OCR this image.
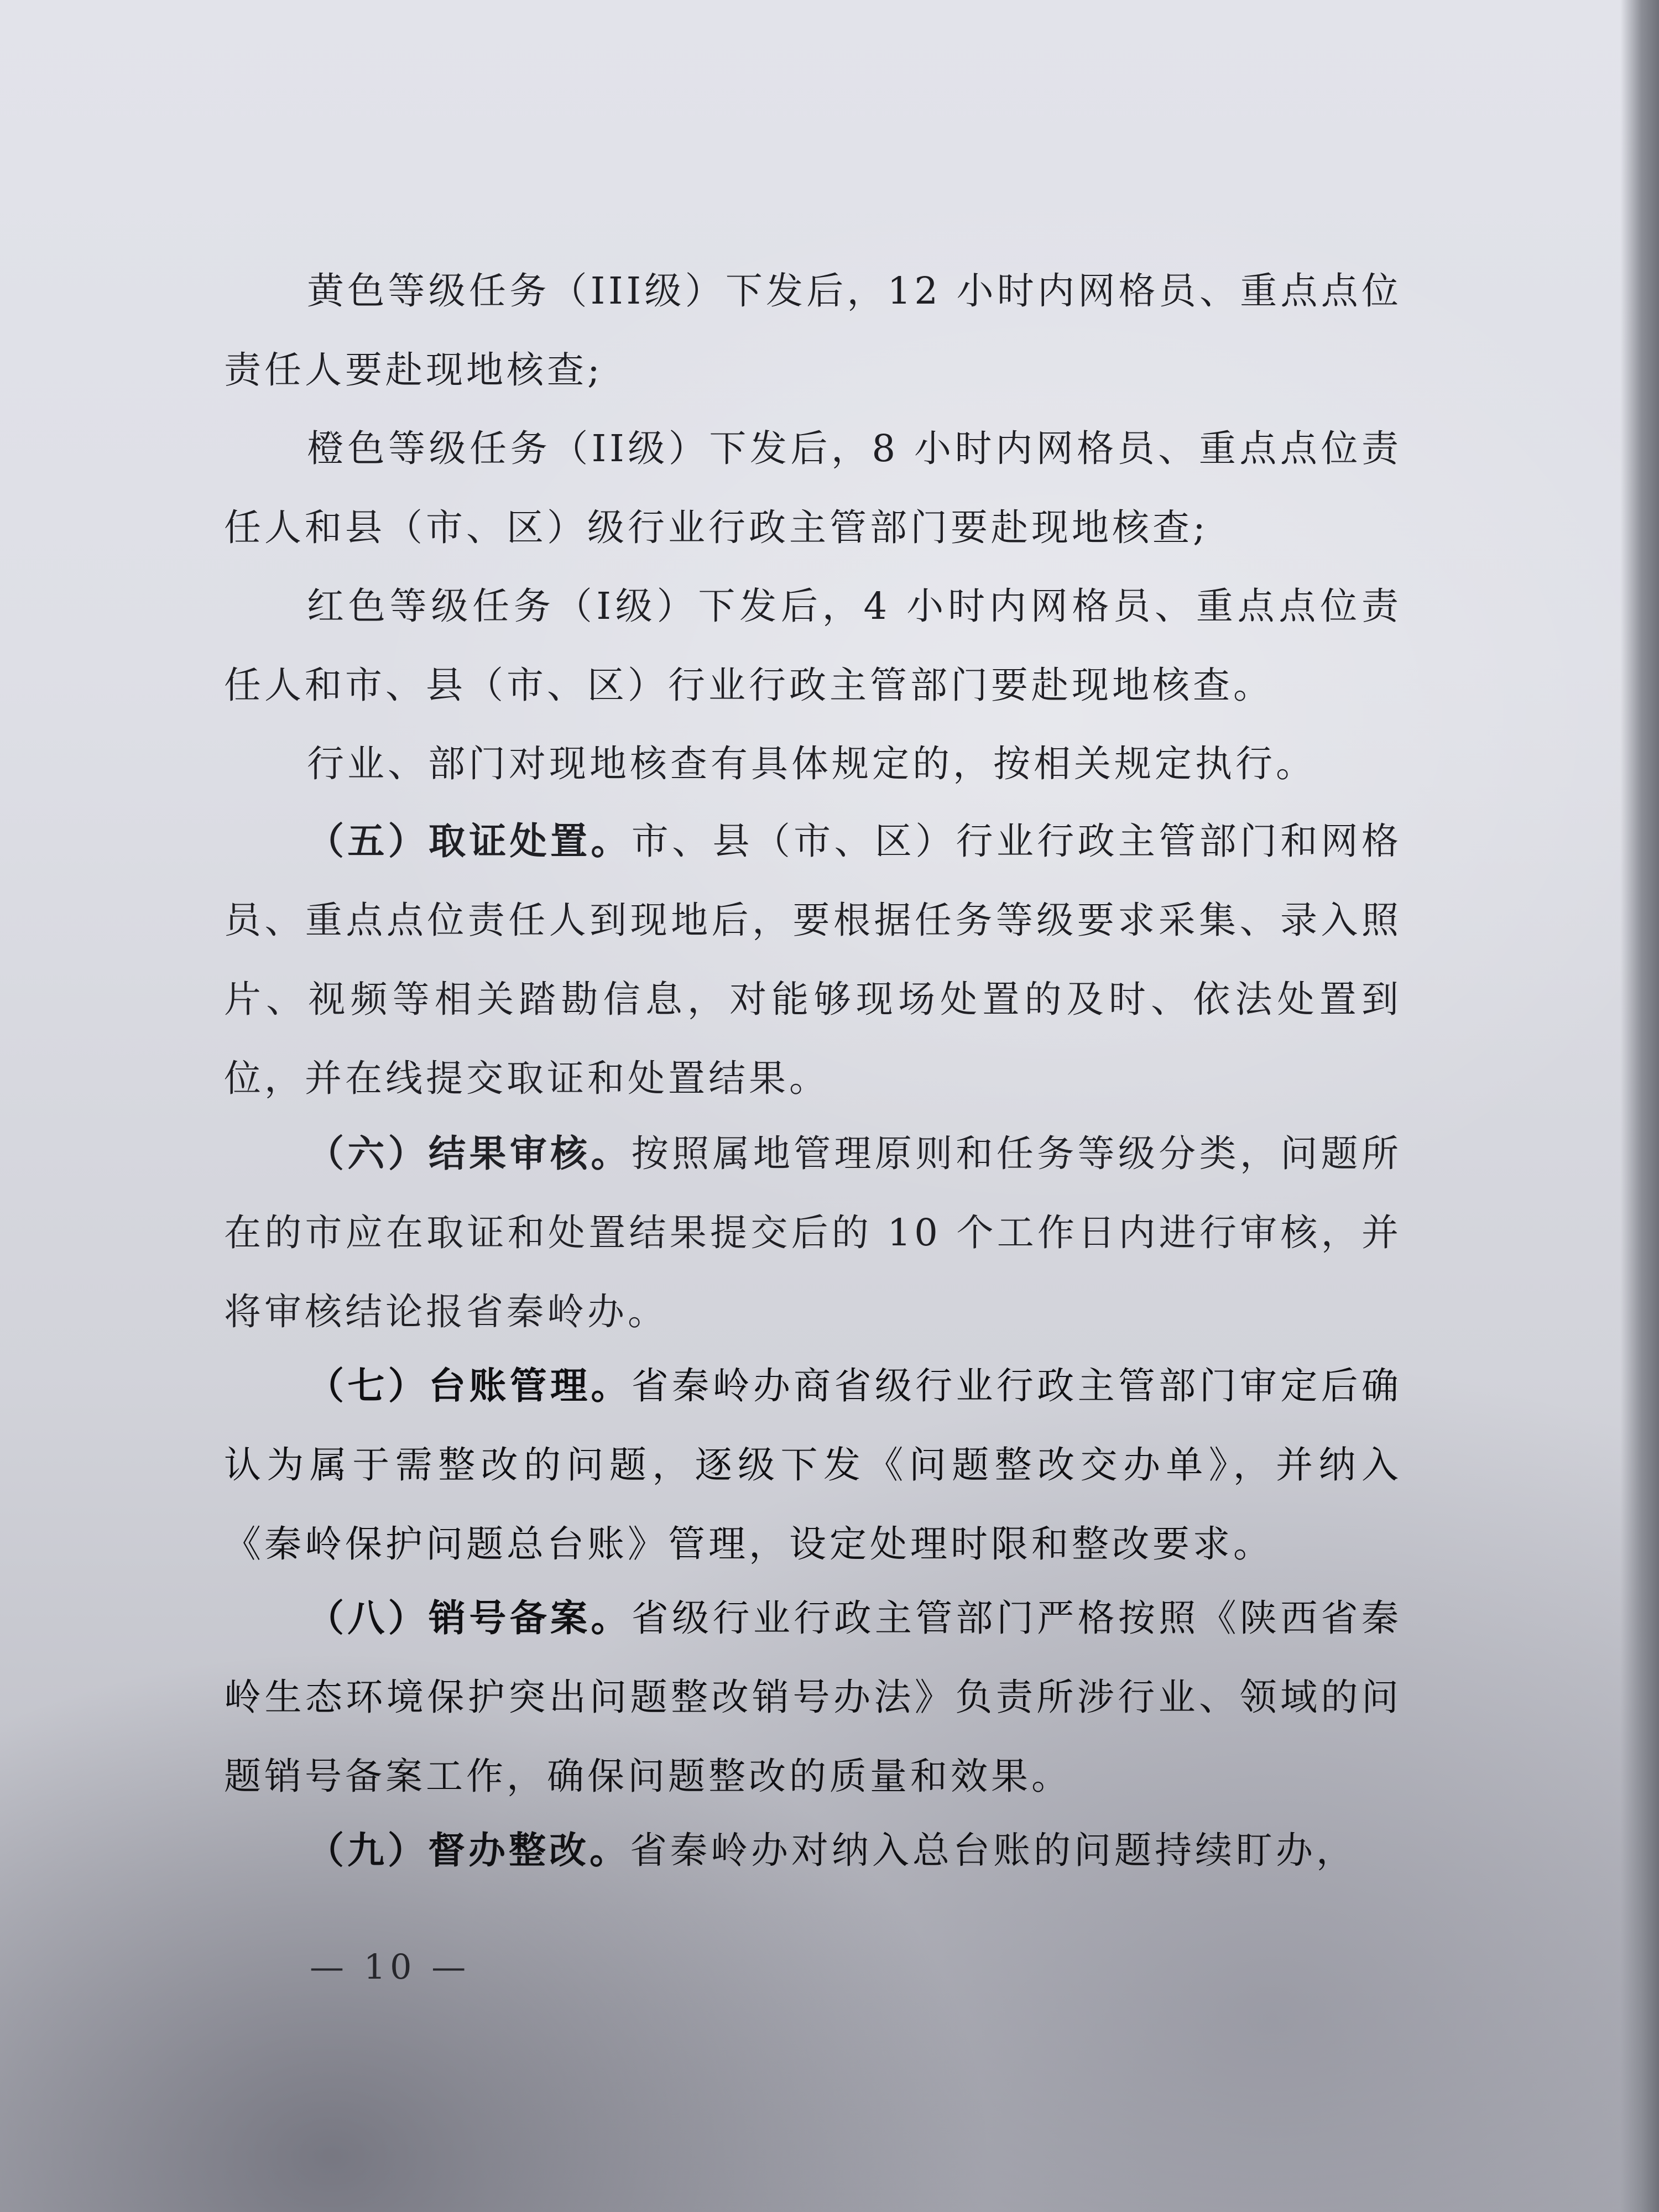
黄色等级任务（III级）下发后，12 小时内网格员、重点点位责任人要赴现地核查;

橙色等级任务（II级）下发后，8 小时内网格员、重点点位责任人和县（市、区）级行业行政主管部门要赴现地核查;

红色等级任务（I级）下发后，4 小时内网格员、重点点位责任人和市、县（市、区）行业行政主管部门要赴现地核查。

行业、部门对现地核查有具体规定的，按相关规定执行。

（五）取证处置。市、县（市、区）行业行政主管部门和网格员、重点点位责任人到现地后，要根据任务等级要求采集、录入照片、视频等相关踏勘信息，对能够现场处置的及时、依法处置到位，并在线提交取证和处置结果。

（六）结果审核。按照属地管理原则和任务等级分类，问题所在的市应在取证和处置结果提交后的 10 个工作日内进行审核，并将审核结论报省秦岭办。

（七）台账管理。省秦岭办商省级行业行政主管部门审定后确认为属于需整改的问题，逐级下发《问题整改交办单》，并纳入《秦岭保护问题总台账》管理，设定处理时限和整改要求。

（八）销号备案。省级行业行政主管部门严格按照《陕西省秦岭生态环境保护突出问题整改销号办法》负责所涉行业、领域的问题销号备案工作，确保问题整改的质量和效果。

（九）督办整改。省秦岭办对纳入总台账的问题持续盯办，

— 10 —
